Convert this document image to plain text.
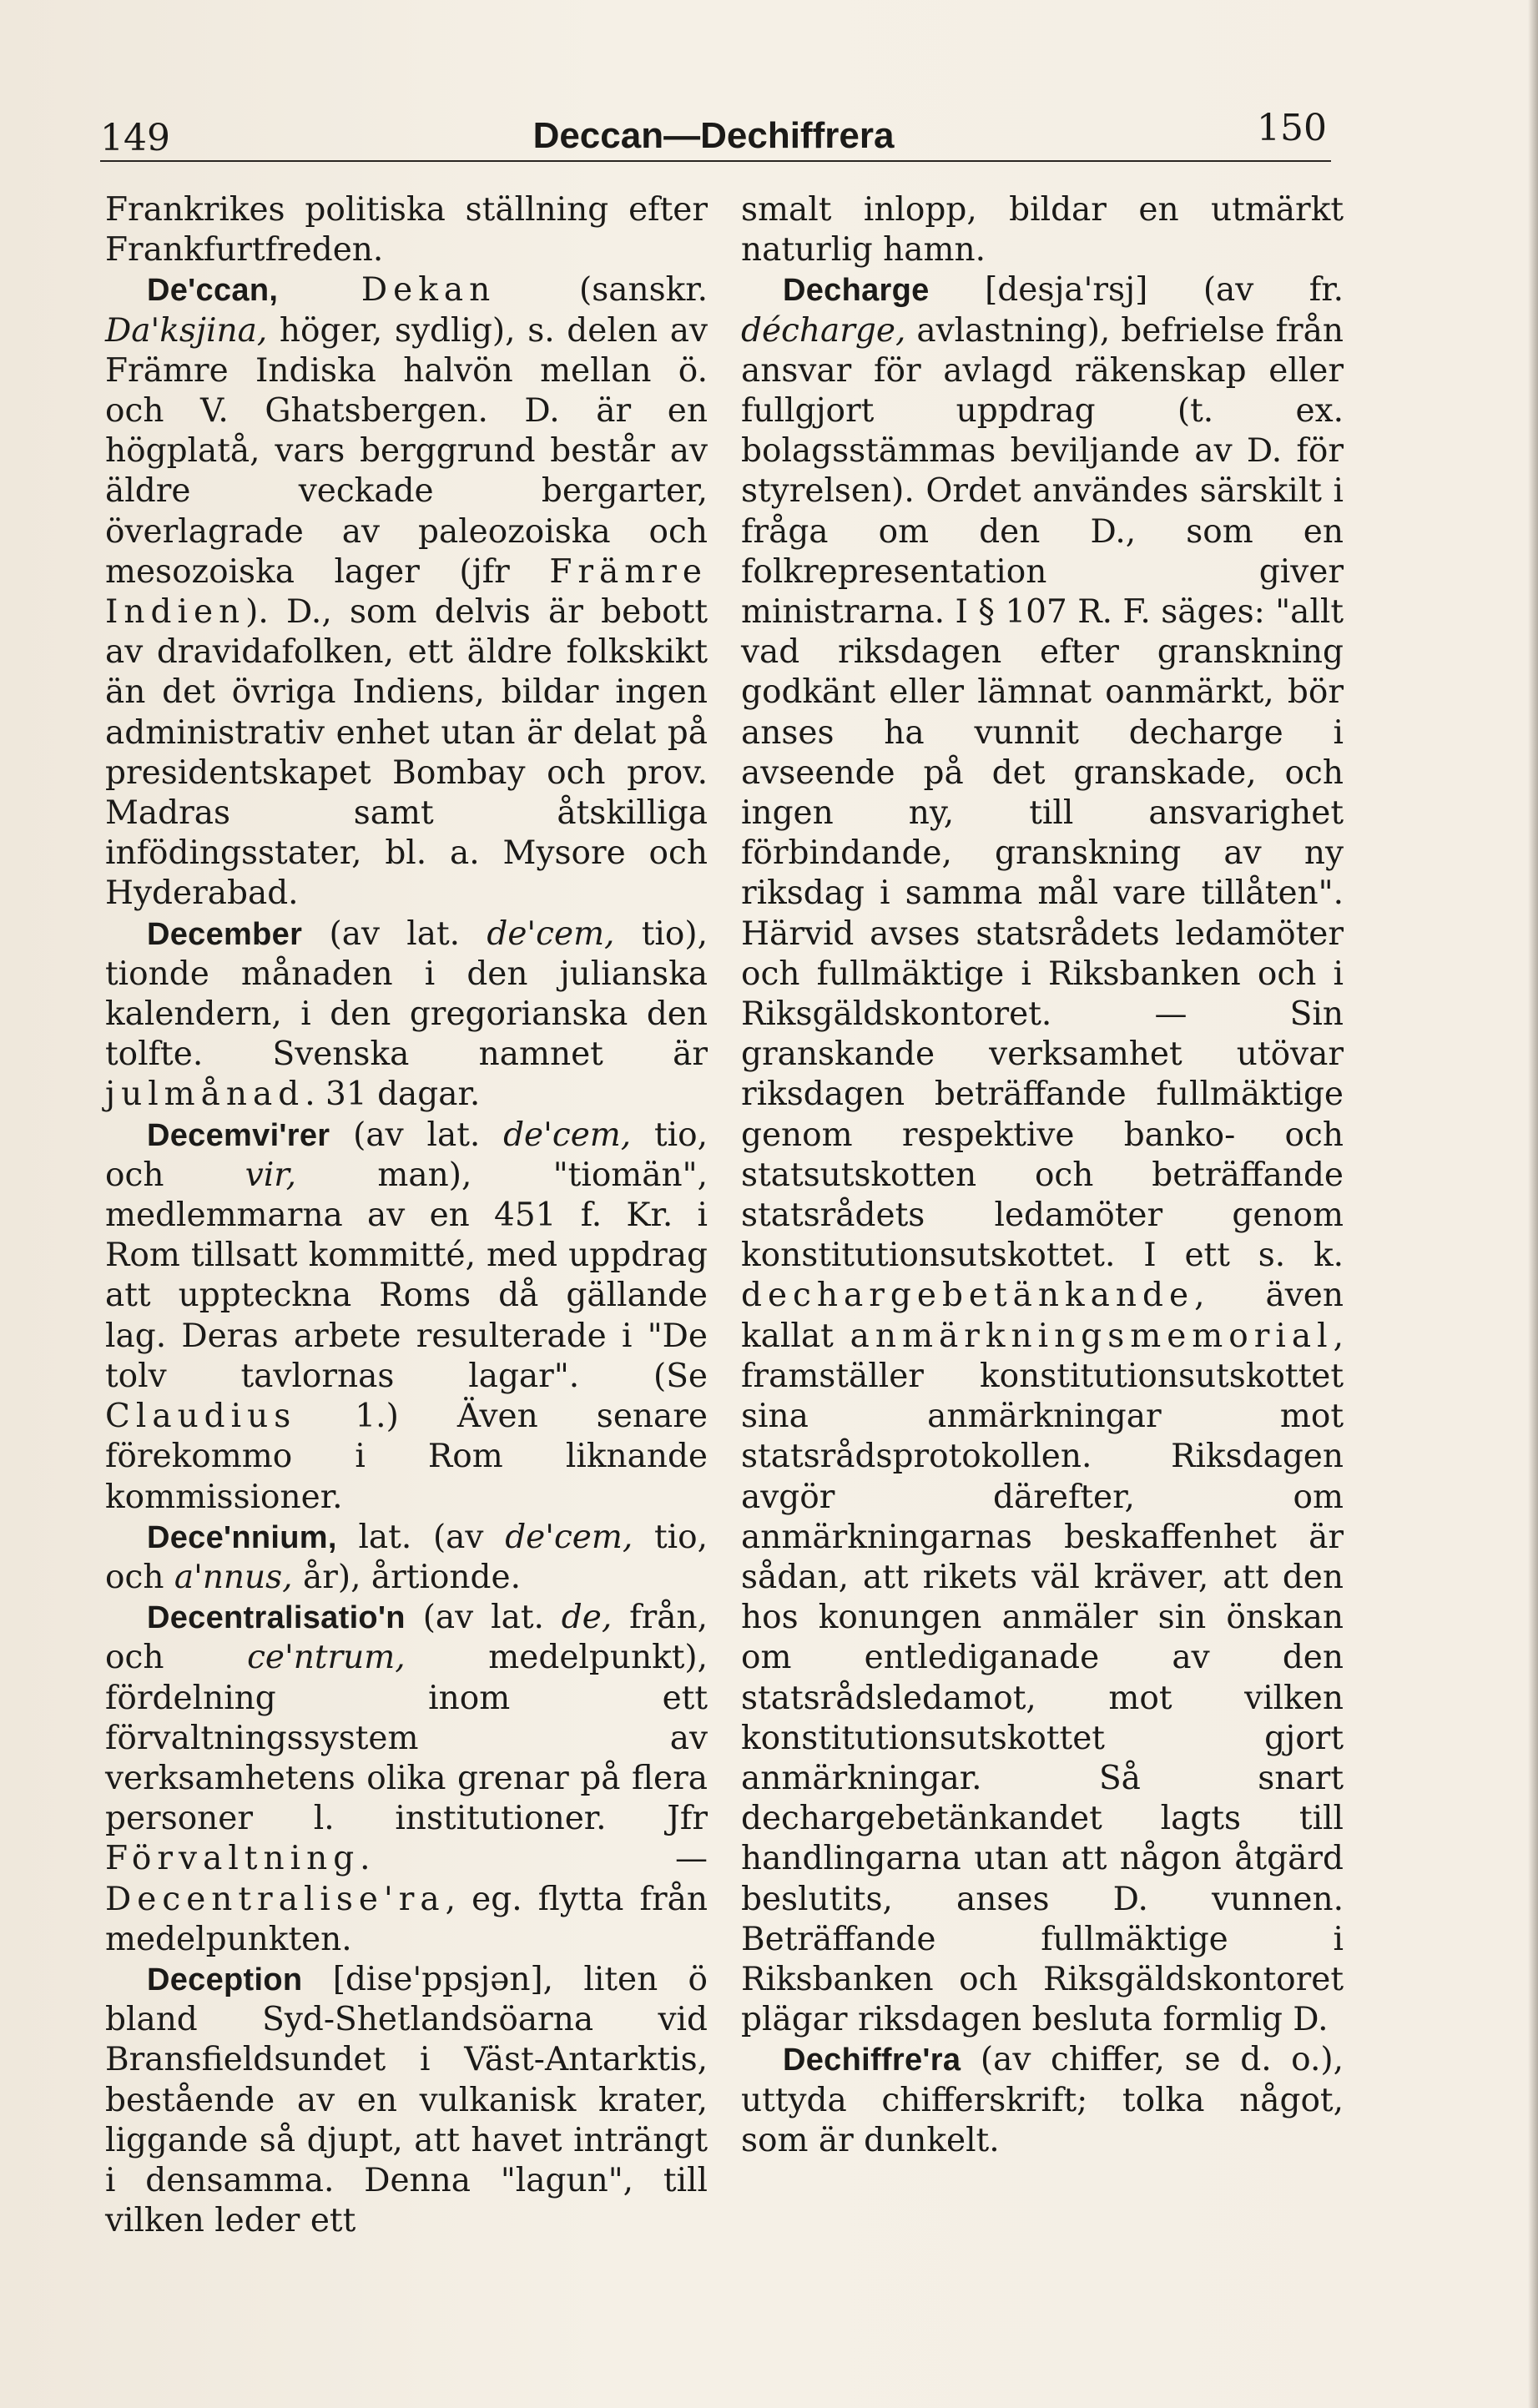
149	Deccan—Dechiffrera	150

Frankrikes politiska ställning efter Frankfurtfreden.

De'ccan,	Dekan (sanskr. Da'ksjina, höger, sydlig), s. delen av Främre Indiska halvön mellan ö. och V. Ghatsbergen. D. är en högplatå, vars berggrund består av äldre veckade bergarter, överlagrade av paleozoiska och mesozoiska lager (jfr Främre Indien). D., som delvis är bebott av dravidafolken, ett äldre folkskikt än det övriga Indiens, bildar ingen administrativ enhet utan är delat på presidentskapet Bombay och prov. Madras samt åtskilliga infödingsstater, bl. a. Mysore och Hyderabad.

December (av lat. de'cem, tio), tionde månaden i den julianska kalendern, i den gregorianska den tolfte. Svenska namnet är julmånad. 31 dagar.

Decemvi'rer (av lat. de'cem, tio, och vir, man), "tiomän", medlemmarna av en 451 f. Kr. i Rom tillsatt kommitté, med uppdrag att uppteckna Roms då gällande lag. Deras arbete resulterade i "De tolv tavlornas lagar". (Se Claudius 1.) Även senare förekommo i Rom liknande kommissioner.

Dece'nnium, lat. (av de'cem, tio, och a'nnus, år), årtionde.

Decentralisatio'n (av lat. de, från, och ce'ntrum, medelpunkt), fördelning inom ett förvaltningssystem av verksamhetens olika grenar på flera personer l. institutioner. Jfr Förvaltning. — Decentralise'ra, eg. flytta från medelpunkten.

Deception [dise'ppsjən], liten ö bland Syd-Shetlandsöarna vid Bransfieldsundet i Väst-Antarktis, bestående av en vulkanisk krater, liggande så djupt, att havet inträngt i densamma. Denna "lagun", till vilken leder ett

smalt inlopp, bildar en utmärkt naturlig hamn.

Decharge [desja'rsj] (av fr. décharge, avlastning), befrielse från ansvar för avlagd räkenskap eller fullgjort uppdrag (t. ex. bolagsstämmas beviljande av D. för styrelsen). Ordet användes särskilt i fråga om den D., som en folkrepresentation giver ministrarna. I § 107 R. F. säges: "allt vad riksdagen efter granskning godkänt eller lämnat oanmärkt, bör anses ha vunnit decharge i avseende på det granskade, och ingen ny, till ansvarighet förbindande, granskning av ny riksdag i samma mål vare tillåten". Härvid avses statsrådets ledamöter och fullmäktige i Riksbanken och i Riksgäldskontoret. — Sin granskande verksamhet utövar riksdagen beträffande fullmäktige genom respektive banko- och statsutskotten och beträffande statsrådets ledamöter genom konstitutionsutskottet. I ett s. k. dechargebetänkande, även kallat anmärkningsmemorial, framställer konstitutionsutskottet sina anmärkningar mot statsrådsprotokollen. Riksdagen avgör därefter, om anmärkningarnas beskaffenhet är sådan, att rikets väl kräver, att den hos konungen anmäler sin önskan om entlediganade av den statsrådsledamot, mot vilken konstitutionsutskottet gjort anmärkningar. Så snart dechargebetänkandet lagts till handlingarna utan att någon åtgärd beslutits, anses D. vunnen. Beträffande fullmäktige i Riksbanken och Riksgäldskontoret plägar riksdagen besluta formlig D.

Dechiffre'ra (av chiffer, se d. o.), uttyda chifferskrift; tolka något, som är dunkelt.
